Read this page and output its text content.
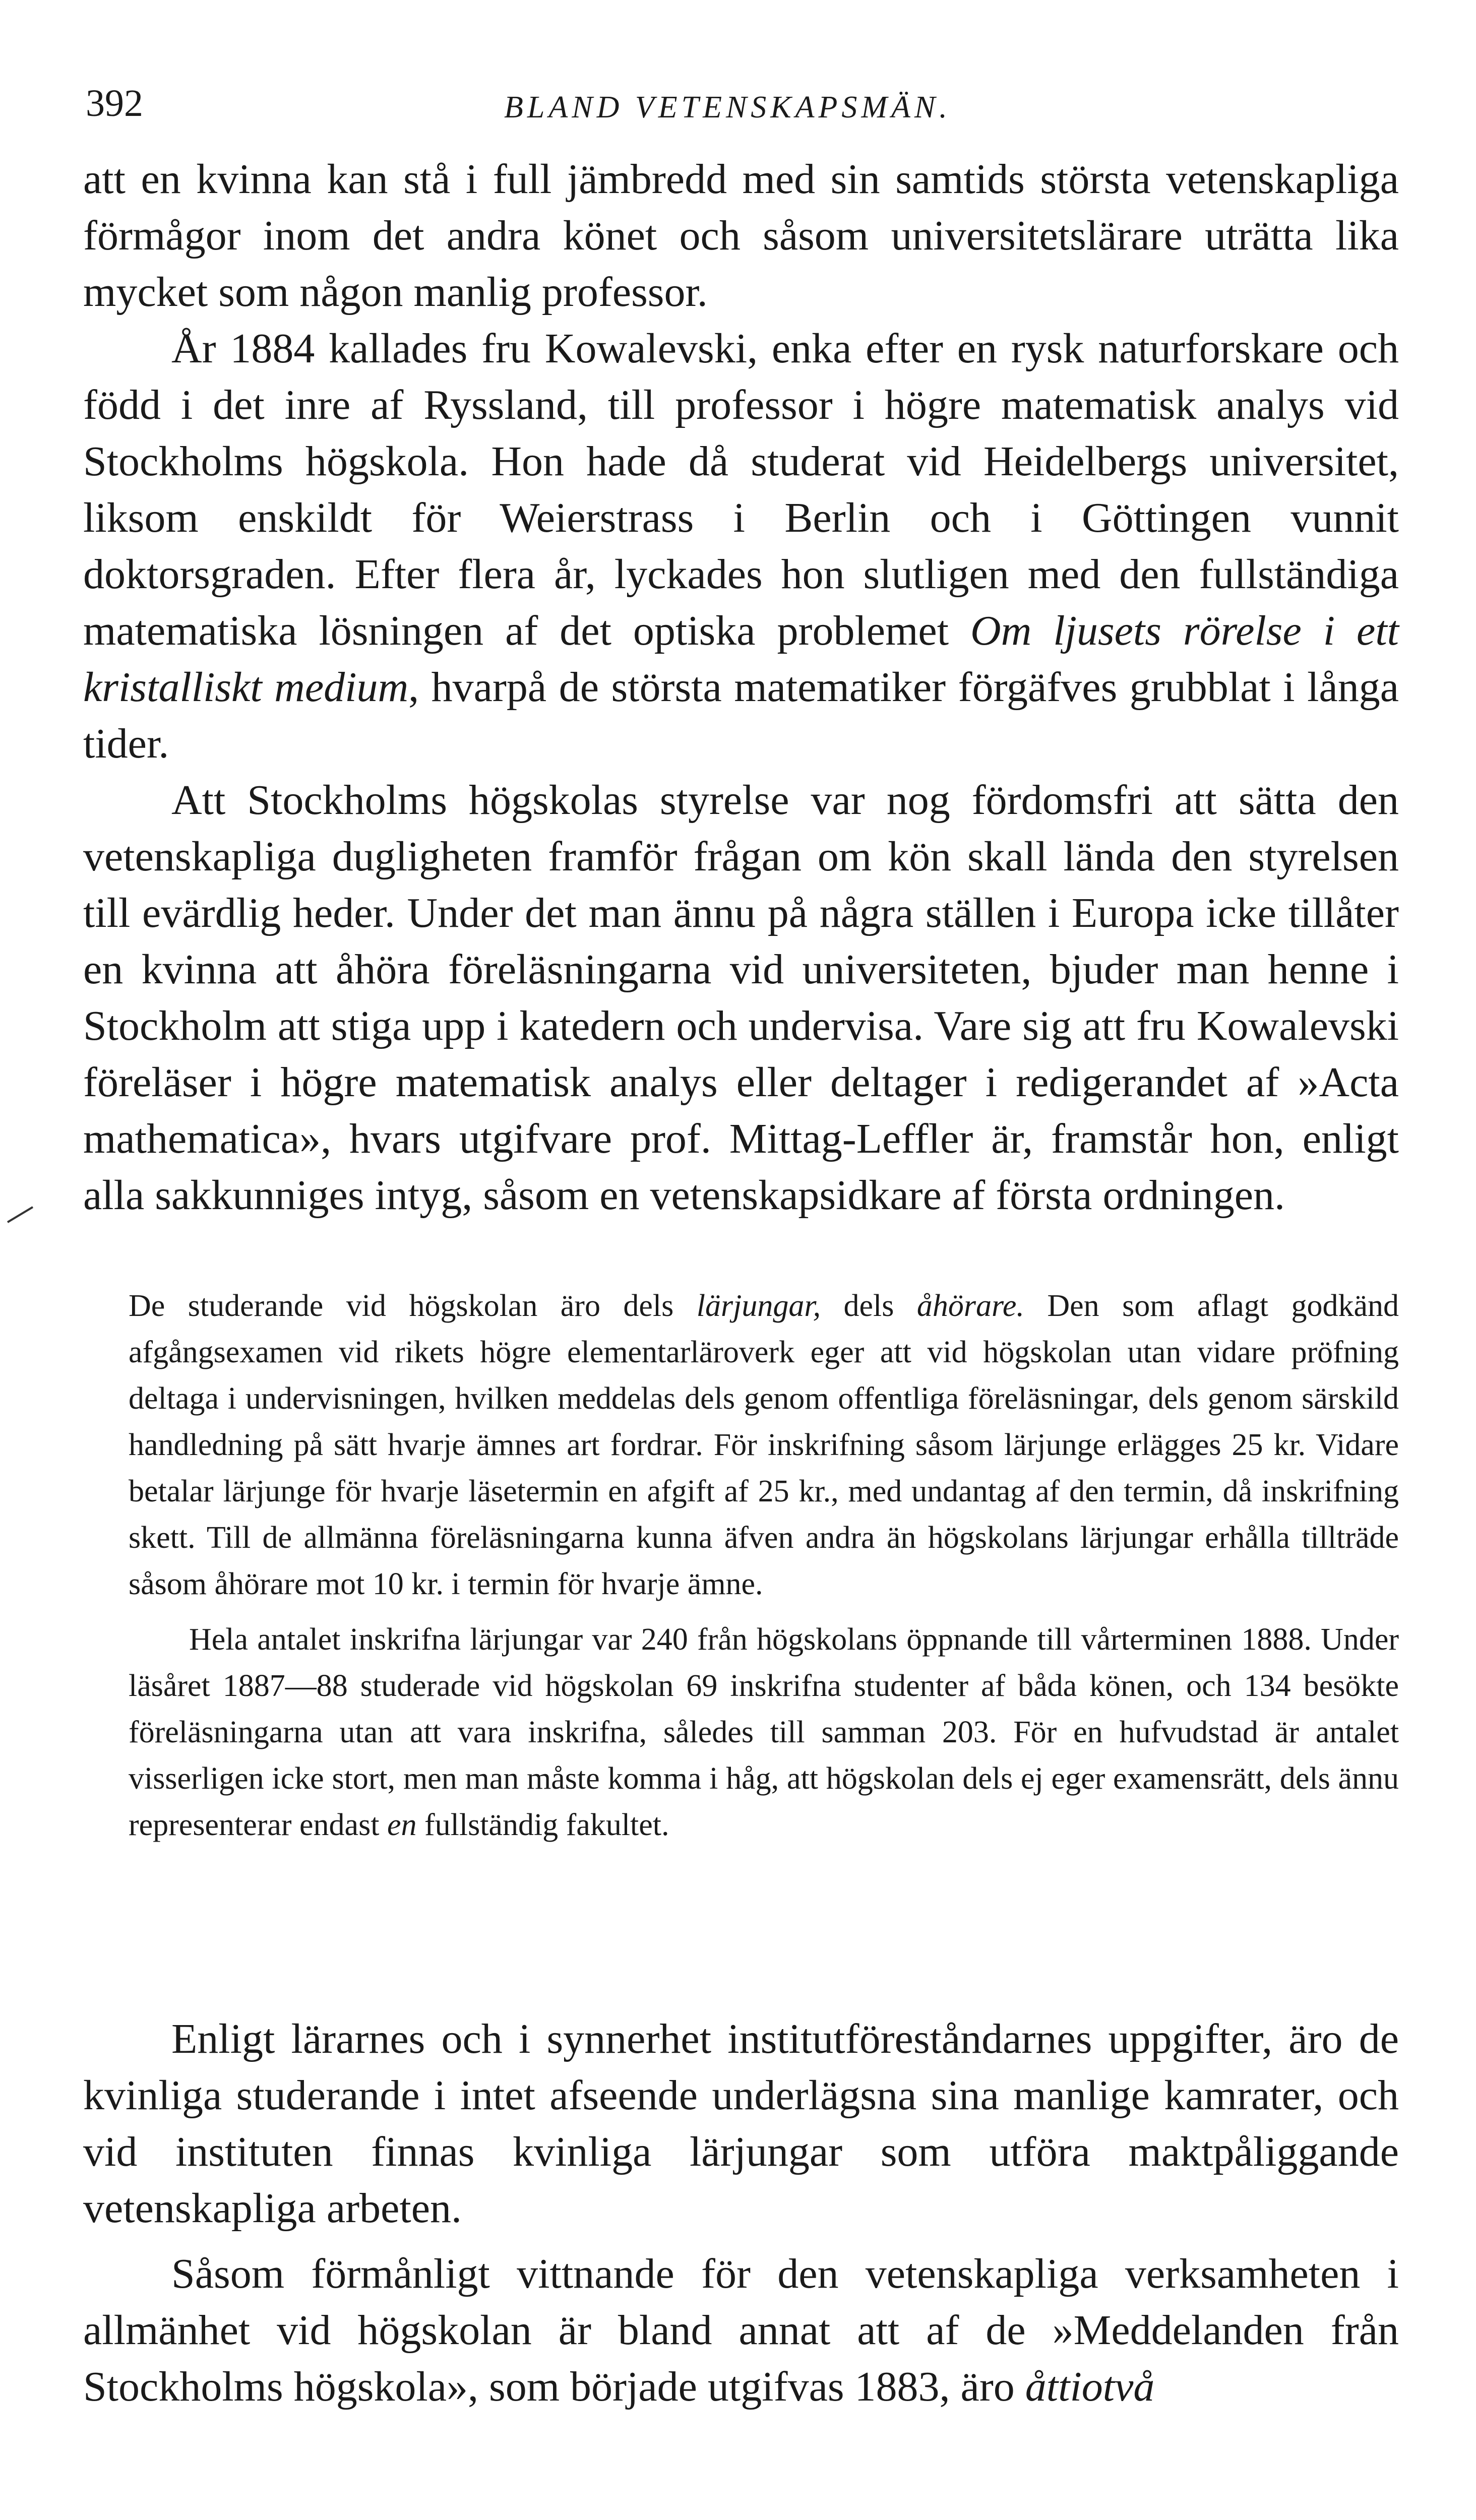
392	BLAND VETENSKAPSMÄN.

att en kvinna kan stå i full jämbredd med sin samtids största vetenskapliga förmågor inom det andra könet och såsom universitetslärare uträtta lika mycket som någon manlig professor.

År 1884 kallades fru Kowalevski, enka efter en rysk naturforskare och född i det inre af Ryssland, till professor i högre matematisk analys vid Stockholms högskola. Hon hade då studerat vid Heidelbergs universitet, liksom enskildt för Weierstrass i Berlin och i Göttingen vunnit doktorsgraden. Efter flera år, lyckades hon slutligen med den fullständiga matematiska lösningen af det optiska problemet Om ljusets rörelse i ett kristalliskt medium, hvarpå de största matematiker förgäfves grubblat i långa tider.

Att Stockholms högskolas styrelse var nog fördomsfri att sätta den vetenskapliga dugligheten framför frågan om kön skall lända den styrelsen till evärdlig heder. Under det man ännu på några ställen i Europa icke tillåter en kvinna att åhöra föreläsningarna vid universiteten, bjuder man henne i Stockholm att stiga upp i katedern och undervisa. Vare sig att fru Kowalevski föreläser i högre matematisk analys eller deltager i redigerandet af »Acta mathematica», hvars utgifvare prof. Mittag-Leffler är, framstår hon, enligt alla sakkunniges intyg, såsom en vetenskapsidkare af första ordningen.

De studerande vid högskolan äro dels lärjungar, dels åhörare. Den som aflagt godkänd afgångsexamen vid rikets högre elementarläroverk eger att vid högskolan utan vidare pröfning deltaga i undervisningen, hvilken meddelas dels genom offentliga föreläsningar, dels genom särskild handledning på sätt hvarje ämnes art fordrar. För inskrifning såsom lärjunge erlägges 25 kr. Vidare betalar lärjunge för hvarje läsetermin en afgift af 25 kr., med undantag af den termin, då inskrifning skett. Till de allmänna föreläsningarna kunna äfven andra än högskolans lärjungar erhålla tillträde såsom åhörare mot 10 kr. i termin för hvarje ämne.

Hela antalet inskrifna lärjungar var 240 från högskolans öppnande till vårterminen 1888. Under läsåret 1887—88 studerade vid högskolan 69 inskrifna studenter af båda könen, och 134 besökte föreläsningarna utan att vara inskrifna, således till samman 203. För en hufvudstad är antalet visserligen icke stort, men man måste komma i håg, att högskolan dels ej eger examensrätt, dels ännu representerar endast en fullständig fakultet.

Enligt lärarnes och i synnerhet institutföreståndarnes uppgifter, äro de kvinliga studerande i intet afseende underlägsna sina manlige kamrater, och vid instituten finnas kvinliga lärjungar som utföra maktpåliggande vetenskapliga arbeten.

Såsom förmånligt vittnande för den vetenskapliga verksamheten i allmänhet vid högskolan är bland annat att af de »Meddelanden från Stockholms högskola», som började utgifvas 1883, äro åttiotvå
